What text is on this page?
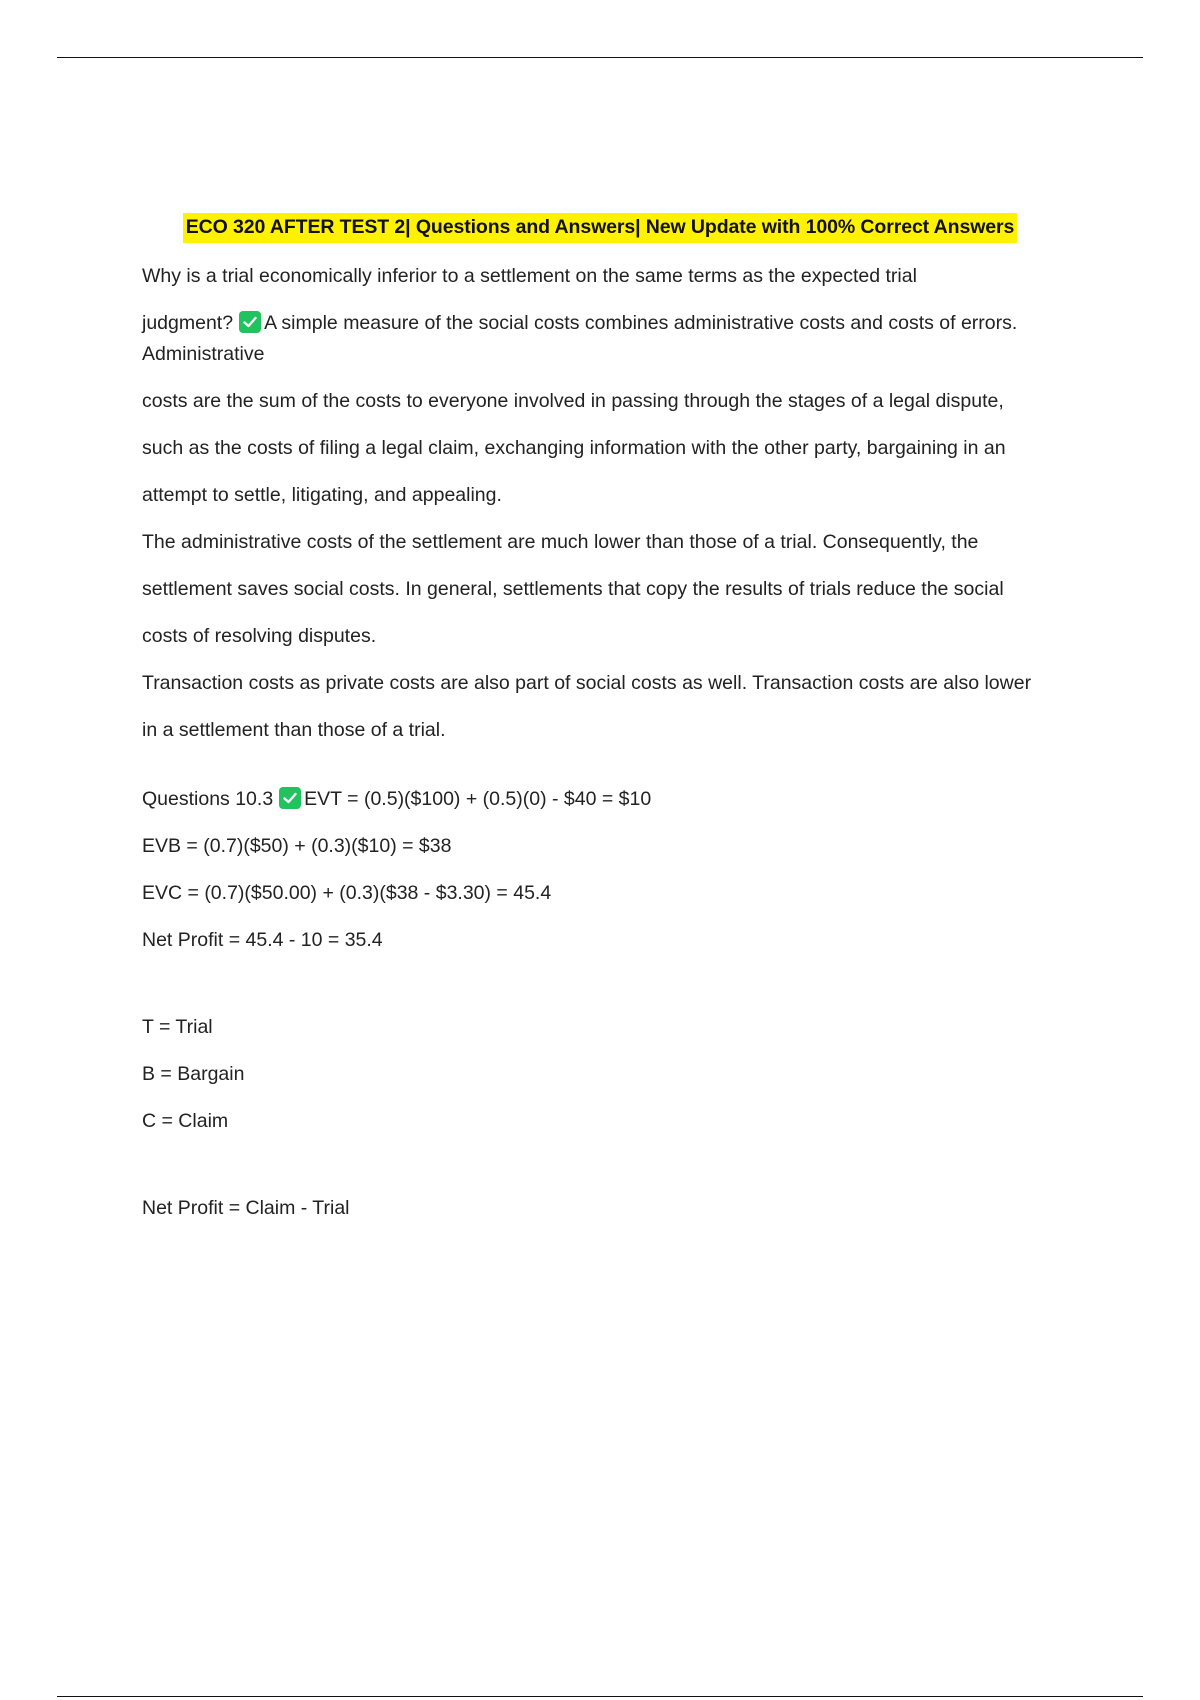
ECO 320 AFTER TEST 2| Questions and Answers| New Update with 100% Correct Answers

Why is a trial economically inferior to a settlement on the same terms as the expected trial

judgment? A simple measure of the social costs combines administrative costs and costs of errors. Administrative

costs are the sum of the costs to everyone involved in passing through the stages of a legal dispute,

such as the costs of filing a legal claim, exchanging information with the other party, bargaining in an

attempt to settle, litigating, and appealing.

The administrative costs of the settlement are much lower than those of a trial. Consequently, the

settlement saves social costs. In general, settlements that copy the results of trials reduce the social

costs of resolving disputes.

Transaction costs as private costs are also part of social costs as well. Transaction costs are also lower

in a settlement than those of a trial.

Questions 10.3 EVT = (0.5)($100) + (0.5)(0) - $40 = $10

EVB = (0.7)($50) + (0.3)($10) = $38

EVC = (0.7)($50.00) + (0.3)($38 - $3.30) = 45.4

Net Profit = 45.4 - 10 = 35.4

T = Trial

B = Bargain

C = Claim

Net Profit = Claim - Trial
